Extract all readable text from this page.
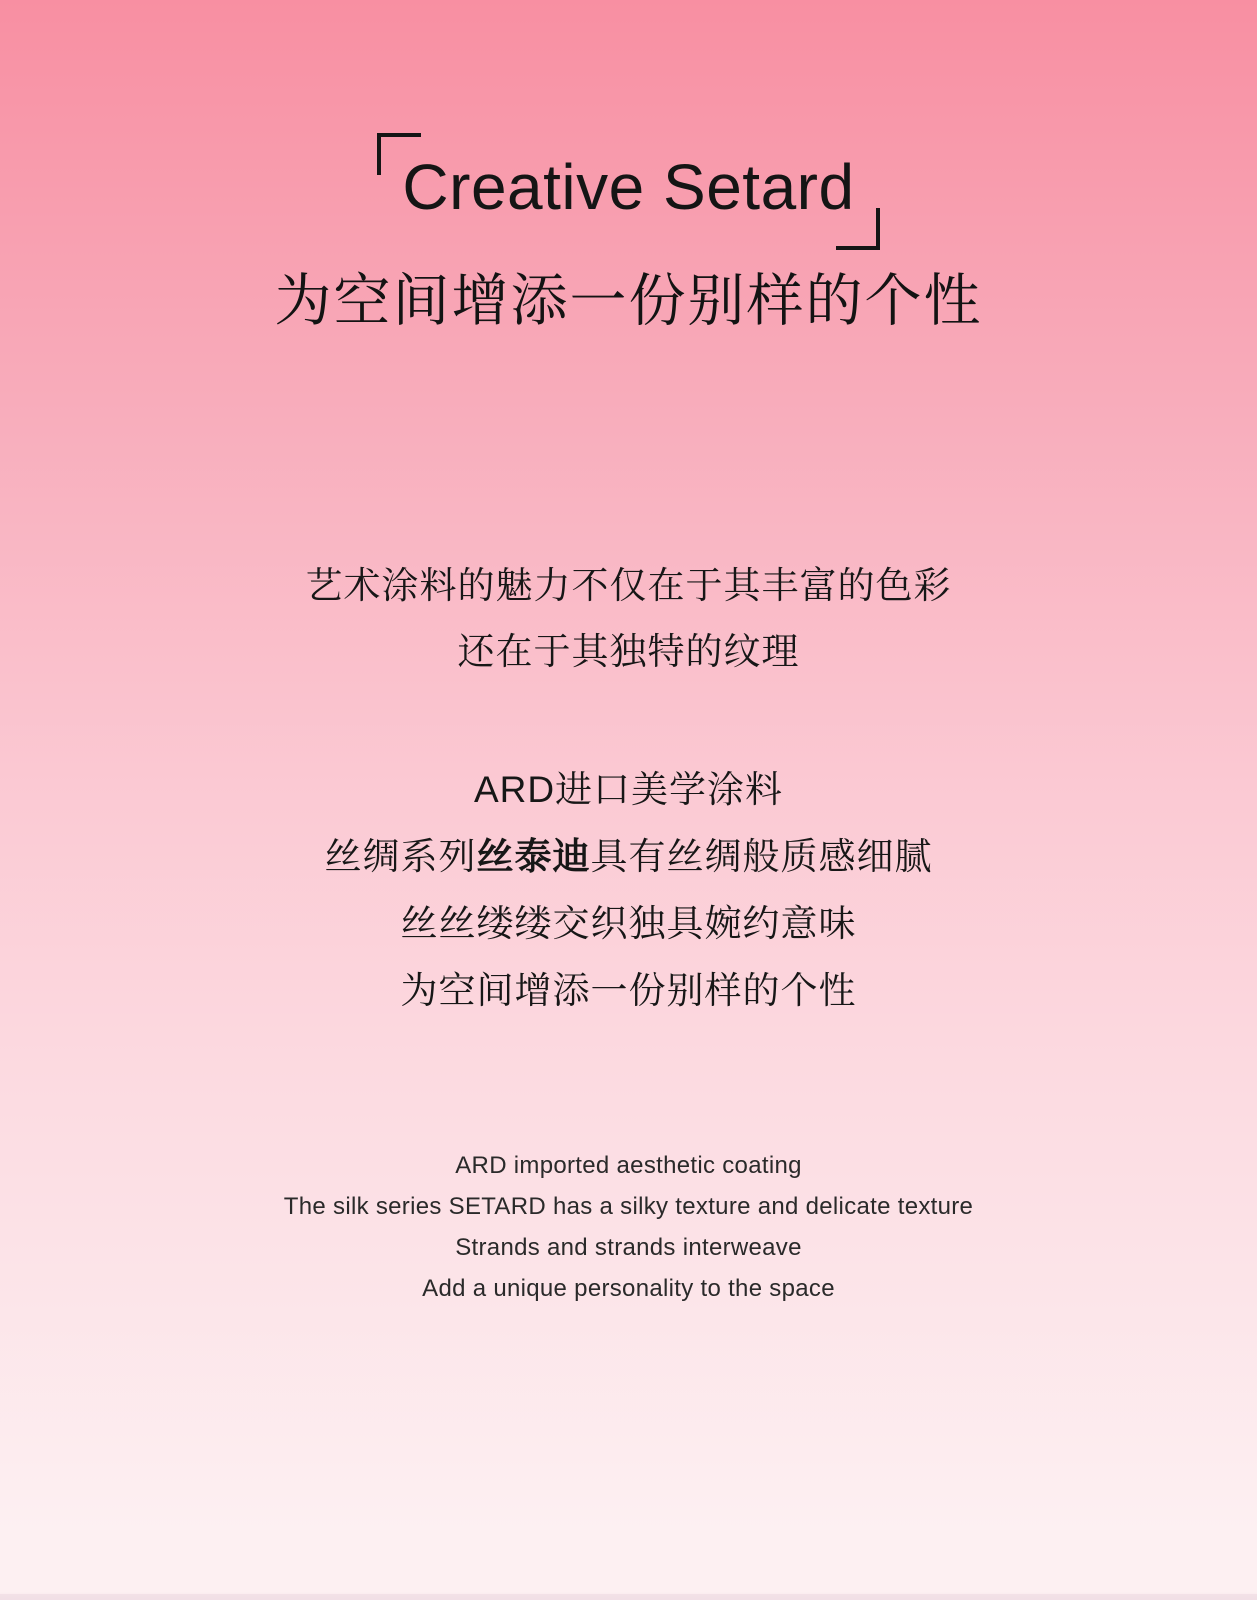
Creative Setard
为空间增添一份别样的个性

艺术涂料的魅力不仅在于其丰富的色彩

还在于其独特的纹理

ARD进口美学涂料

丝绸系列丝泰迪具有丝绸般质感细腻

丝丝缕缕交织独具婉约意味

为空间增添一份别样的个性

ARD imported aesthetic coating

The silk series SETARD has a silky texture and delicate texture

Strands and strands interweave

Add a unique personality to the space
